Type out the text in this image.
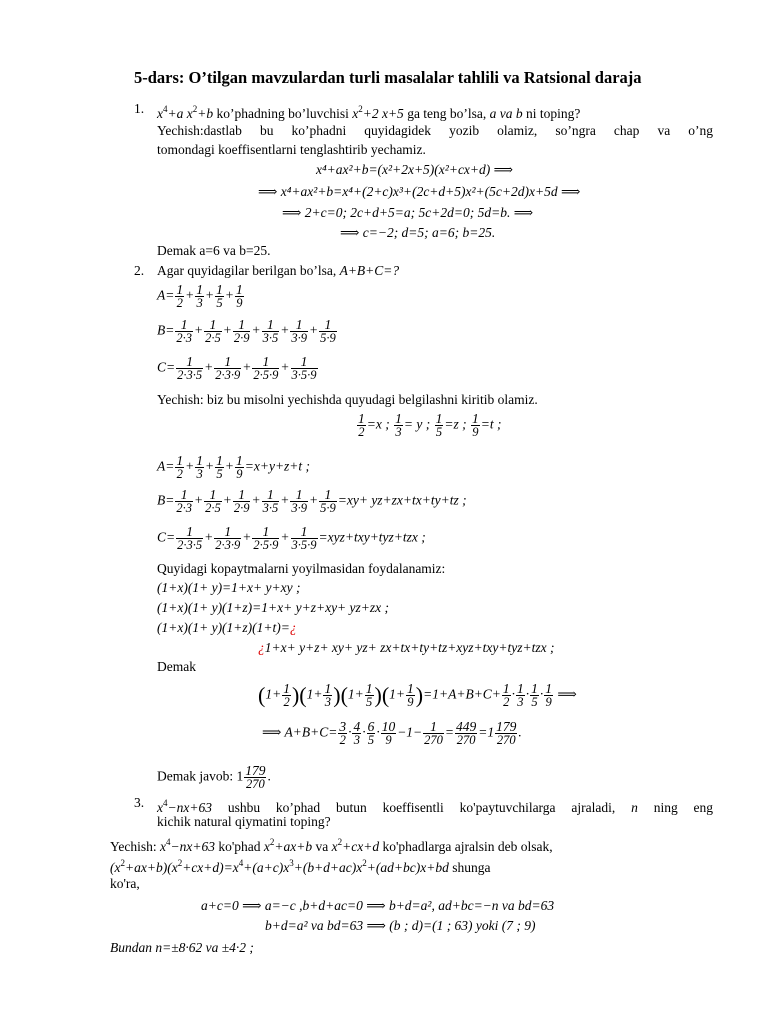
5-dars: O’tilgan mavzulardan turli masalalar tahlili va Ratsional daraja
1. $x^4+a$ $x^2+b$ ko’phadning bo’luvchisi $x^2+2$ x+5 ga teng bo’lsa, a va b ni toping?
Yechish:dastlab bu ko’phadni quyidagidek yozib olamiz, so’ngra chap va o’ng
tomondagi koeffisentlarni tenglashtirib yechamiz.
x⁴+ax²+b=(x²+2x+5)(x²+cx+d) ⟹
⟹ x⁴+ax²+b=x⁴+(2+c)x³+(2c+d+5)x²+(5c+2d)x+5d ⟹
⟹ 2+c=0; 2c+d+5=a; 5c+2d=0; 5d=b. ⟹
⟹ c=−2; d=5; a=6; b=25.
Demak a=6 va b=25.
2. Agar quyidagilar berilgan bo’lsa, A+B+C=?
$A= \frac{1}{2} + \frac{1}{3} + \frac{1}{5} + \frac{1}{9}$
$B= \frac{1}{2\cdot 3} + \frac{1}{2\cdot 5} + \frac{1}{2\cdot 9} + \frac{1}{3\cdot 5} + \frac{1}{3\cdot 9} + \frac{1}{5\cdot 9}$
$C= \frac{1}{2\cdot 3\cdot 5} + \frac{1}{2\cdot 3\cdot 9} + \frac{1}{2\cdot 5\cdot 9} + \frac{1}{3\cdot 5\cdot 9}$
Yechish: biz bu misolni yechishda quyudagi belgilashni kiritib olamiz.
$\frac{1}{2} =x$ ; $\frac{1}{3} = y$ ; $\frac{1}{5} =z$ ; $\frac{1}{9} =t$ ;
$A= \frac{1}{2} + \frac{1}{3} + \frac{1}{5} + \frac{1}{9} =x+y+z+t$ ;
$B= \frac{1}{2\cdot 3} + \frac{1}{2\cdot 5} + \frac{1}{2\cdot 9} + \frac{1}{3\cdot 5} + \frac{1}{3\cdot 9} + \frac{1}{5\cdot 9} =xy+ yz+zx+tx+ty+tz$ ;
$C= \frac{1}{2\cdot 3\cdot 5} + \frac{1}{2\cdot 3\cdot 9} + \frac{1}{2\cdot 5\cdot 9} + \frac{1}{3\cdot 5\cdot 9} =xyz+txy+tyz+tzx$ ;
Quyidagi kopaytmalarni yoyilmasidan foydalanamiz:
(1+x)(1+ y)=1+x+ y+xy ;
(1+x)(1+ y)(1+z)=1+x+ y+z+xy+ yz+zx ;
(1+x)(1+ y)(1+z)(1+t)=¿
¿1+x+ y+z+ xy+ yz+ zx+tx+ty+tz+xyz+txy+tyz+tzx ;
Demak
$(1+ \frac{1}{2} )(1+ \frac{1}{3} )(1+ \frac{1}{5} )(1+ \frac{1}{9} )=1+A+B+C+ \frac{1}{2} \cdot \frac{1}{3} \cdot \frac{1}{5} \cdot \frac{1}{9}$ ⟹
⟹ $A+B+C= \frac{3}{2} \cdot \frac{4}{3} \cdot \frac{6}{5} \cdot \frac{10}{9} -1- \frac{1}{270} = \frac{449}{270} =1 \frac{179}{270}$ .
Demak javob: $1 \frac{179}{270}$ .
3. $x^4-nx+63$ ushbu ko’phad butun koeffisentli ko'paytuvchilarga ajraladi, n ning eng
kichik natural qiymatini toping?
Yechish: $x^4-nx+63$ ko'phad $x^2+ax+b$ va $x^2+cx+d$ ko'phadlarga ajralsin deb olsak,
$(x^2+ax+b)(x^2+cx+d)=x^4+(a+c)x^3+(b+d+ac)x^2+(ad+bc)x+bd$ shunga
ko'ra,
a+c=0 ⟹ a=−c ,b+d+ac=0 ⟹ b+d=a², ad+bc=−n va bd=63
b+d=a² va bd=63 ⟹ (b ; d)=(1 ; 63) yoki (7 ; 9)
Bundan n=±8·62 va ±4·2 ;
